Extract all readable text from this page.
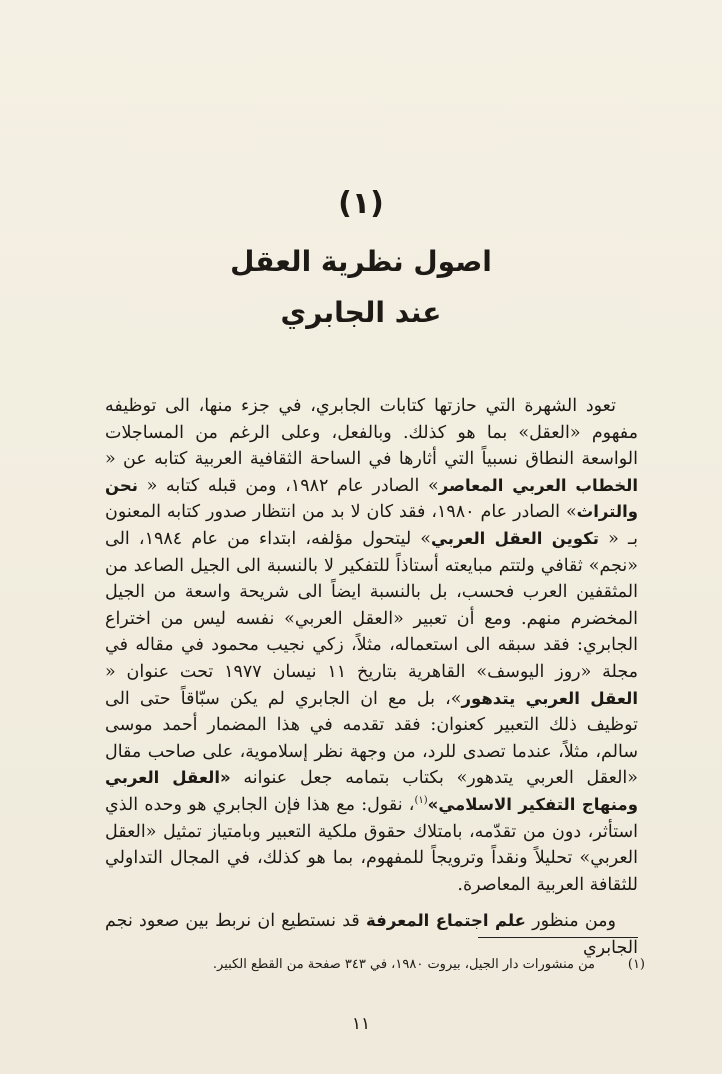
(١)
اصول نظرية العقل
عند الجابري

تعود الشهرة التي حازتها كتابات الجابري، في جزء منها، الى توظيفه مفهوم «العقل» بما هو كذلك. وبالفعل، وعلى الرغم من المساجلات الواسعة النطاق نسبياً التي أثارها في الساحة الثقافية العربية كتابه عن « الخطاب العربي المعاصر» الصادر عام ١٩٨٢، ومن قبله كتابه « نحن والتراث» الصادر عام ١٩٨٠، فقد كان لا بد من انتظار صدور كتابه المعنون بـ « تكوين العقل العربي» ليتحول مؤلفه، ابتداء من عام ١٩٨٤، الى «نجم» ثقافي ولتتم مبايعته أستاذاً للتفكير لا بالنسبة الى الجيل الصاعد من المثقفين العرب فحسب، بل بالنسبة ايضاً الى شريحة واسعة من الجيل المخضرم منهم. ومع أن تعبير «العقل العربي» نفسه ليس من اختراع الجابري: فقد سبقه الى استعماله، مثلاً، زكي نجيب محمود في مقاله في مجلة «روز اليوسف» القاهرية بتاريخ ١١ نيسان ١٩٧٧ تحت عنوان « العقل العربي يتدهور»، بل مع ان الجابري لم يكن سبّاقاً حتى الى توظيف ذلك التعبير كعنوان: فقد تقدمه في هذا المضمار أحمد موسى سالم، مثلاً، عندما تصدى للرد، من وجهة نظر إسلاموية، على صاحب مقال «العقل العربي يتدهور» بكتاب بتمامه جعل عنوانه «العقل العربي ومنهاج التفكير الاسلامي»$^{(١)}$، نقول: مع هذا فإن الجابري هو وحده الذي استأثر، دون من تقدّمه، بامتلاك حقوق ملكية التعبير وبامتياز تمثيل «العقل العربي» تحليلاً ونقداً وترويجاً للمفهوم، بما هو كذلك، في المجال التداولي للثقافة العربية المعاصرة.

ومن منظور علم اجتماع المعرفة قد نستطيع ان نربط بين صعود نجم الجابري

(١)من منشورات دار الجيل، بيروت ١٩٨٠، في ٣٤٣ صفحة من القطع الكبير.
١١
